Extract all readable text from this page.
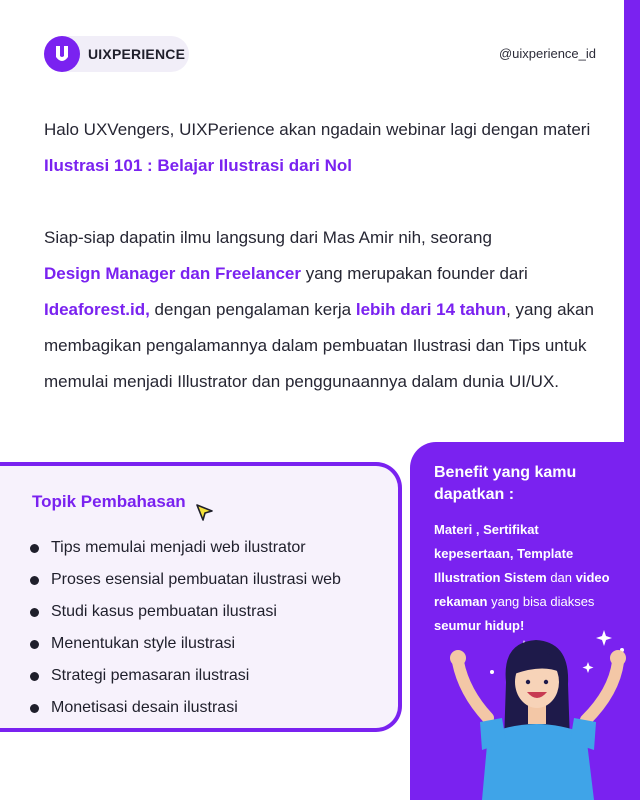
UIXPERIENCE	@uixperience_id

Halo UXVengers, UIXPerience akan ngadain webinar lagi dengan materi Ilustrasi 101 : Belajar Ilustrasi dari Nol

Siap-siap dapatin ilmu langsung dari Mas Amir nih, seorang
Design Manager dan Freelancer yang merupakan founder dari
Ideaforest.id, dengan pengalaman kerja lebih dari 14 tahun, yang akan membagikan pengalamannya dalam pembuatan Ilustrasi dan Tips untuk memulai menjadi Illustrator dan penggunaannya dalam dunia UI/UX.

Topik Pembahasan
Tips memulai menjadi web ilustrator
Proses esensial pembuatan ilustrasi web
Studi kasus pembuatan ilustrasi
Menentukan style ilustrasi
Strategi pemasaran ilustrasi
Monetisasi desain ilustrasi
Benefit yang kamu dapatkan :

Materi , Sertifikat kepesertaan, Template Illustration Sistem dan video rekaman yang bisa diakses seumur hidup!
